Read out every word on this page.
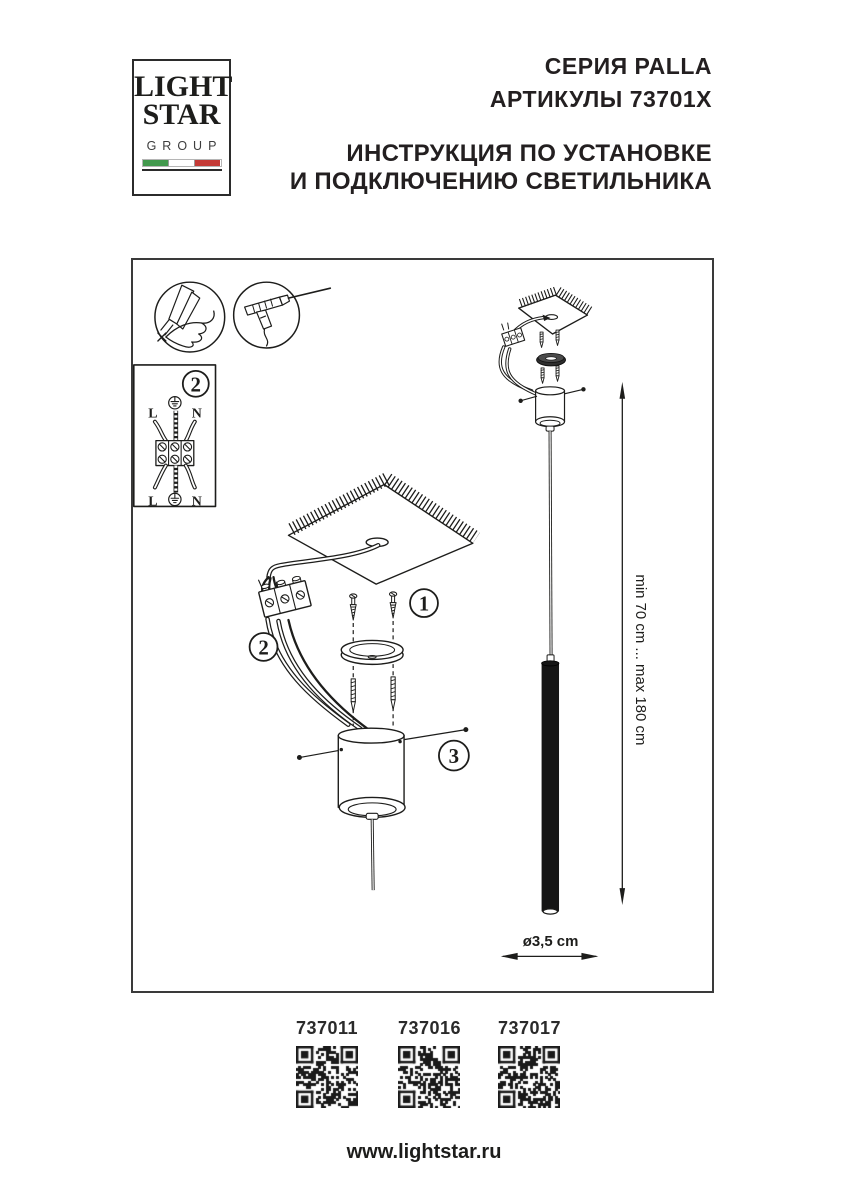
LIGHT
STAR
GROUP
СЕРИЯ PALLA
АРТИКУЛЫ 73701X
ИНСТРУКЦИЯ ПО УСТАНОВКЕ
И ПОДКЛЮЧЕНИЮ СВЕТИЛЬНИКА
2
L N
L N
2
1
3
min 70 cm ... max 180 cm
ø3,5 cm
737011 737016 737017
www.lightstar.ru
